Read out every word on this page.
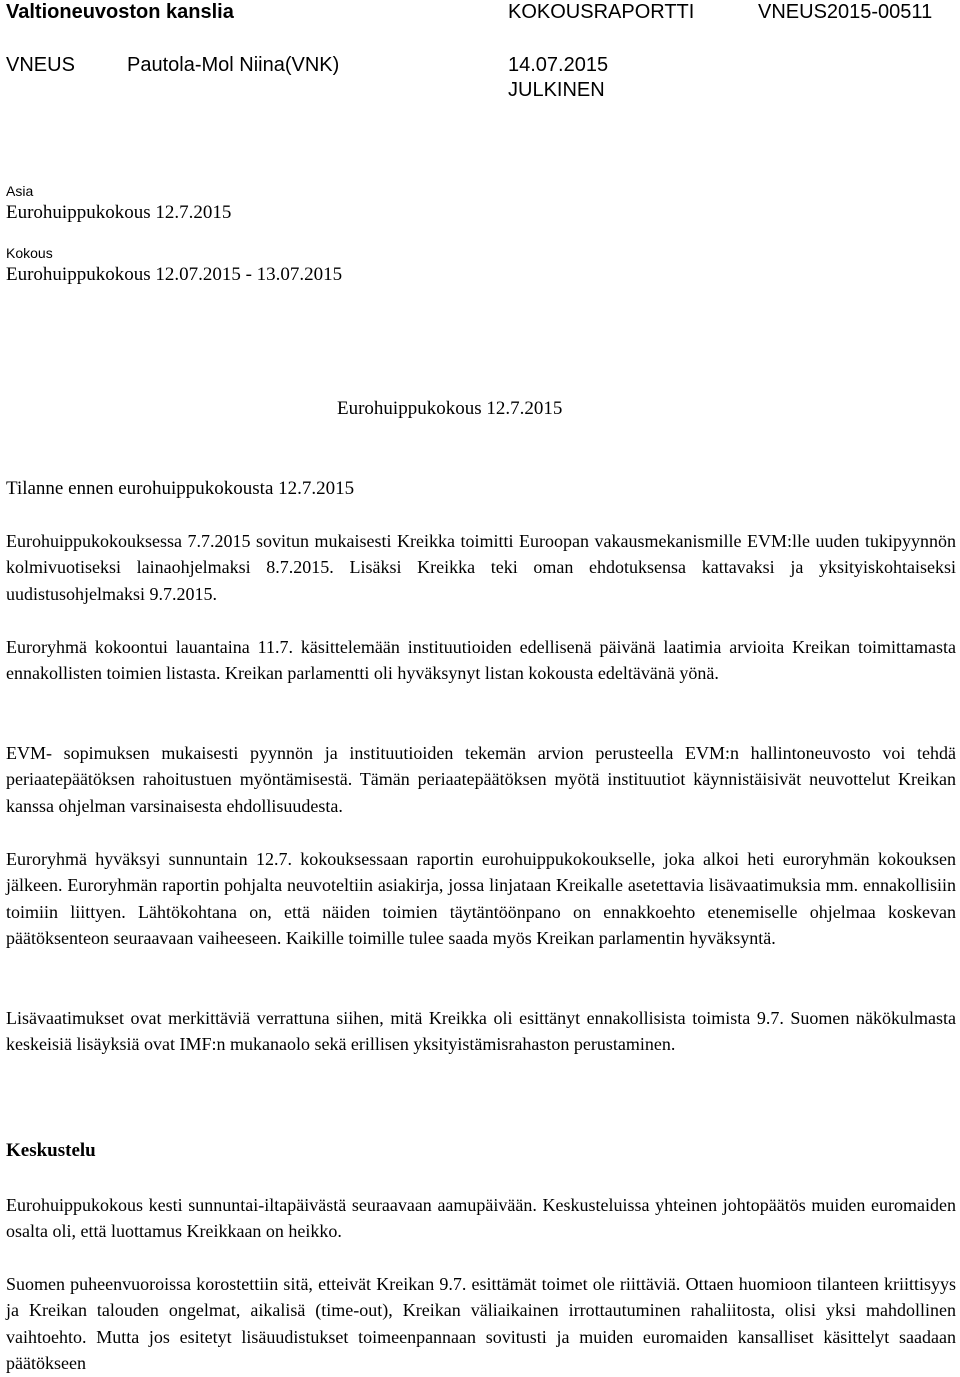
Valtioneuvoston kanslia	KOKOUSRAPORTTI	VNEUS2015-00511
VNEUS	Pautola-Mol Niina(VNK)	14.07.2015
JULKINEN
Asia
Eurohuippukokous 12.7.2015
Kokous
Eurohuippukokous 12.07.2015 - 13.07.2015
Eurohuippukokous 12.7.2015
Tilanne ennen eurohuippukokousta 12.7.2015

Eurohuippukokouksessa 7.7.2015 sovitun mukaisesti Kreikka toimitti Euroopan vakausmekanismille EVM:lle uuden tukipyynnön kolmivuotiseksi lainaohjelmaksi 8.7.2015. Lisäksi Kreikka teki oman ehdotuksensa kattavaksi ja yksityiskohtaiseksi uudistusohjelmaksi 9.7.2015.

Euroryhmä kokoontui lauantaina 11.7. käsittelemään instituutioiden edellisenä päivänä laatimia arvioita Kreikan toimittamasta ennakollisten toimien listasta. Kreikan parlamentti oli hyväksynyt listan kokousta edeltävänä yönä.

EVM- sopimuksen mukaisesti pyynnön ja instituutioiden tekemän arvion perusteella EVM:n hallintoneuvosto voi tehdä periaatepäätöksen rahoitustuen myöntämisestä. Tämän periaatepäätöksen myötä instituutiot käynnistäisivät neuvottelut Kreikan kanssa ohjelman varsinaisesta ehdollisuudesta.

Euroryhmä hyväksyi sunnuntain 12.7. kokouksessaan raportin eurohuippukokoukselle, joka alkoi heti euroryhmän kokouksen jälkeen. Euroryhmän raportin pohjalta neuvoteltiin asiakirja, jossa linjataan Kreikalle asetettavia lisävaatimuksia mm. ennakollisiin toimiin liittyen. Lähtökohtana on, että näiden toimien täytäntöönpano on ennakkoehto etenemiselle ohjelmaa koskevan päätöksenteon seuraavaan vaiheeseen. Kaikille toimille tulee saada myös Kreikan parlamentin hyväksyntä.

Lisävaatimukset ovat merkittäviä verrattuna siihen, mitä Kreikka oli esittänyt ennakollisista toimista 9.7. Suomen näkökulmasta keskeisiä lisäyksiä ovat IMF:n mukanaolo sekä erillisen yksityistämisrahaston perustaminen.

Keskustelu

Eurohuippukokous kesti sunnuntai-iltapäivästä seuraavaan aamupäivään. Keskusteluissa yhteinen johtopäätös muiden euromaiden osalta oli, että luottamus Kreikkaan on heikko.

Suomen puheenvuoroissa korostettiin sitä, etteivät Kreikan 9.7. esittämät toimet ole riittäviä. Ottaen huomioon tilanteen kriittisyys ja Kreikan talouden ongelmat, aikalisä (time-out), Kreikan väliaikainen irrottautuminen rahaliitosta, olisi yksi mahdollinen vaihtoehto. Mutta jos esitetyt lisäuudistukset toimeenpannaan sovitusti ja muiden euromaiden kansalliset käsittelyt saadaan päätökseen
